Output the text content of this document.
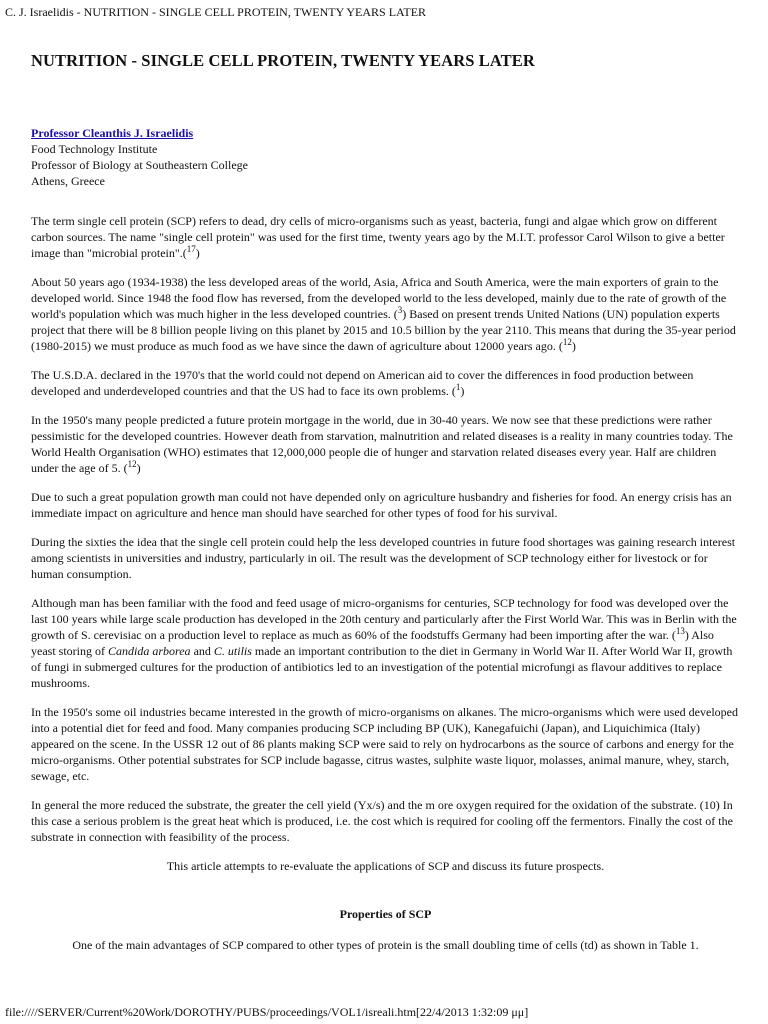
C. J. Israelidis - NUTRITION - SINGLE CELL PROTEIN, TWENTY YEARS LATER
NUTRITION - SINGLE CELL PROTEIN, TWENTY YEARS LATER
Professor Cleanthis J. Israelidis
Food Technology Institute
Professor of Biology at Southeastern College
Athens, Greece

The term single cell protein (SCP) refers to dead, dry cells of micro-organisms such as yeast, bacteria, fungi and algae which grow on different carbon sources. The name "single cell protein" was used for the first time, twenty years ago by the M.I.T. professor Carol Wilson to give a better image than "microbial protein".($^{17}$)

About 50 years ago (1934-1938) the less developed areas of the world, Asia, Africa and South America, were the main exporters of grain to the developed world. Since 1948 the food flow has reversed, from the developed world to the less developed, mainly due to the rate of growth of the world's population which was much higher in the less developed countries. ($^3$) Based on present trends United Nations (UN) population experts project that there will be 8 billion people living on this planet by 2015 and 10.5 billion by the year 2110. This means that during the 35-year period (1980-2015) we must produce as much food as we have since the dawn of agriculture about 12000 years ago. ($^{12}$)

The U.S.D.A. declared in the 1970's that the world could not depend on American aid to cover the differences in food production between developed and underdeveloped countries and that the US had to face its own problems. ($^1$)

In the 1950's many people predicted a future protein mortgage in the world, due in 30-40 years. We now see that these predictions were rather pessimistic for the developed countries. However death from starvation, malnutrition and related diseases is a reality in many countries today. The World Health Organisation (WHO) estimates that 12,000,000 people die of hunger and starvation related diseases every year. Half are children under the age of 5. ($^{12}$)

Due to such a great population growth man could not have depended only on agriculture husbandry and fisheries for food. An energy crisis has an immediate impact on agriculture and hence man should have searched for other types of food for his survival.

During the sixties the idea that the single cell protein could help the less developed countries in future food shortages was gaining research interest among scientists in universities and industry, particularly in oil. The result was the development of SCP technology either for livestock or for human consumption.

Although man has been familiar with the food and feed usage of micro-organisms for centuries, SCP technology for food was developed over the last 100 years while large scale production has developed in the 20th century and particularly after the First World War. This was in Berlin with the growth of S. cerevisiac on a production level to replace as much as 60% of the foodstuffs Germany had been importing after the war. ($^{13}$) Also yeast storing of Candida arborea and C. utilis made an important contribution to the diet in Germany in World War II. After World War II, growth of fungi in submerged cultures for the production of antibiotics led to an investigation of the potential microfungi as flavour additives to replace mushrooms.

In the 1950's some oil industries became interested in the growth of micro-organisms on alkanes. The micro-organisms which were used developed into a potential diet for feed and food. Many companies producing SCP including BP (UK), Kanegafuichi (Japan), and Liquichimica (Italy) appeared on the scene. In the USSR 12 out of 86 plants making SCP were said to rely on hydrocarbons as the source of carbons and energy for the micro-organisms. Other potential substrates for SCP include bagasse, citrus wastes, sulphite waste liquor, molasses, animal manure, whey, starch, sewage, etc.

In general the more reduced the substrate, the greater the cell yield (Yx/s) and the m ore oxygen required for the oxidation of the substrate. (10) In this case a serious problem is the great heat which is produced, i.e. the cost which is required for cooling off the fermentors. Finally the cost of the substrate in connection with feasibility of the process.

This article attempts to re-evaluate the applications of SCP and discuss its future prospects.

Properties of SCP

One of the main advantages of SCP compared to other types of protein is the small doubling time of cells (td) as shown in Table 1.

file:////SERVER/Current%20Work/DOROTHY/PUBS/proceedings/VOL1/isreali.htm[22/4/2013 1:32:09 μμ]
